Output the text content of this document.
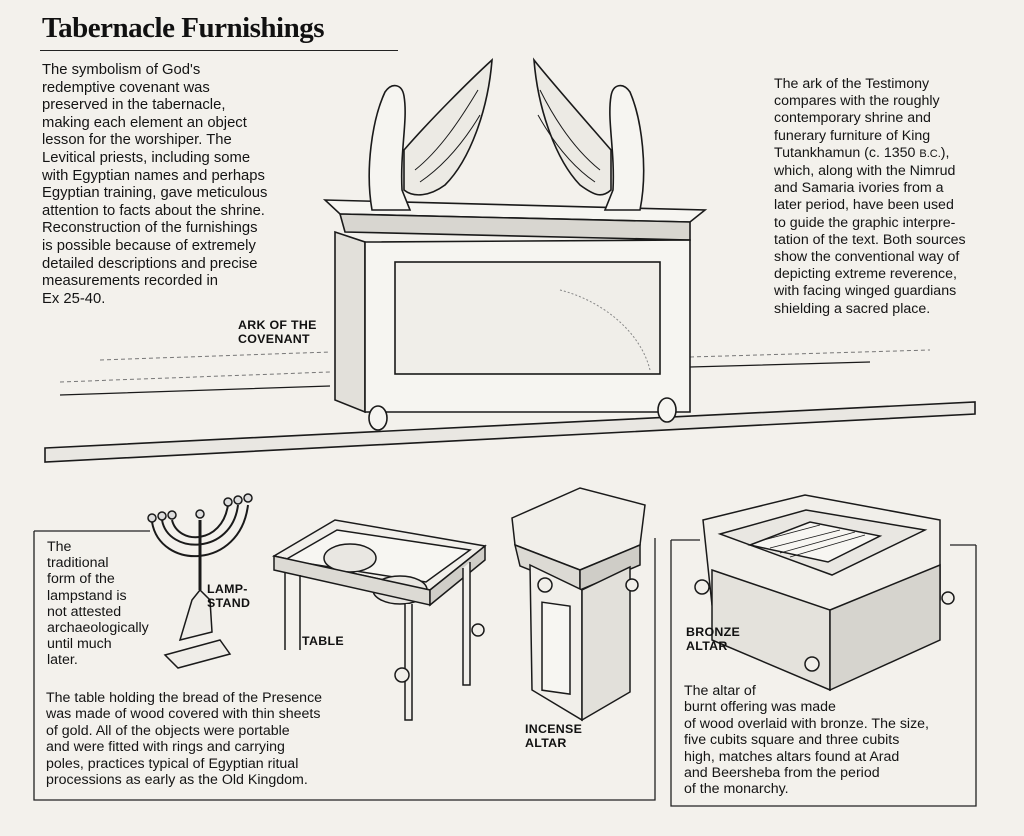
Tabernacle Furnishings
The symbolism of God's
redemptive covenant was
preserved in the tabernacle,
making each element an object
lesson for the worshiper. The
Levitical priests, including some
with Egyptian names and perhaps
Egyptian training, gave meticulous
attention to facts about the shrine.
Reconstruction of the furnishings
is possible because of extremely
detailed descriptions and precise
measurements recorded in
Ex 25-40.
The ark of the Testimony
compares with the roughly
contemporary shrine and
funerary furniture of King
Tutankhamun (c. 1350 B.C.),
which, along with the Nimrud
and Samaria ivories from a
later period, have been used
to guide the graphic interpre-
tation of the text. Both sources
show the conventional way of
depicting extreme reverence,
with facing winged guardians
shielding a sacred place.
ARK OF THE
COVENANT
The
traditional
form of the
lampstand is
not attested
archaeologically
until much
later.
LAMP-
STAND
TABLE
The table holding the bread of the Presence
was made of wood covered with thin sheets
of gold. All of the objects were portable
and were fitted with rings and carrying
poles, practices typical of Egyptian ritual
processions as early as the Old Kingdom.
INCENSE
ALTAR
BRONZE
ALTAR
The altar of
burnt offering was made
of wood overlaid with bronze. The size,
five cubits square and three cubits
high, matches altars found at Arad
and Beersheba from the period
of the monarchy.
